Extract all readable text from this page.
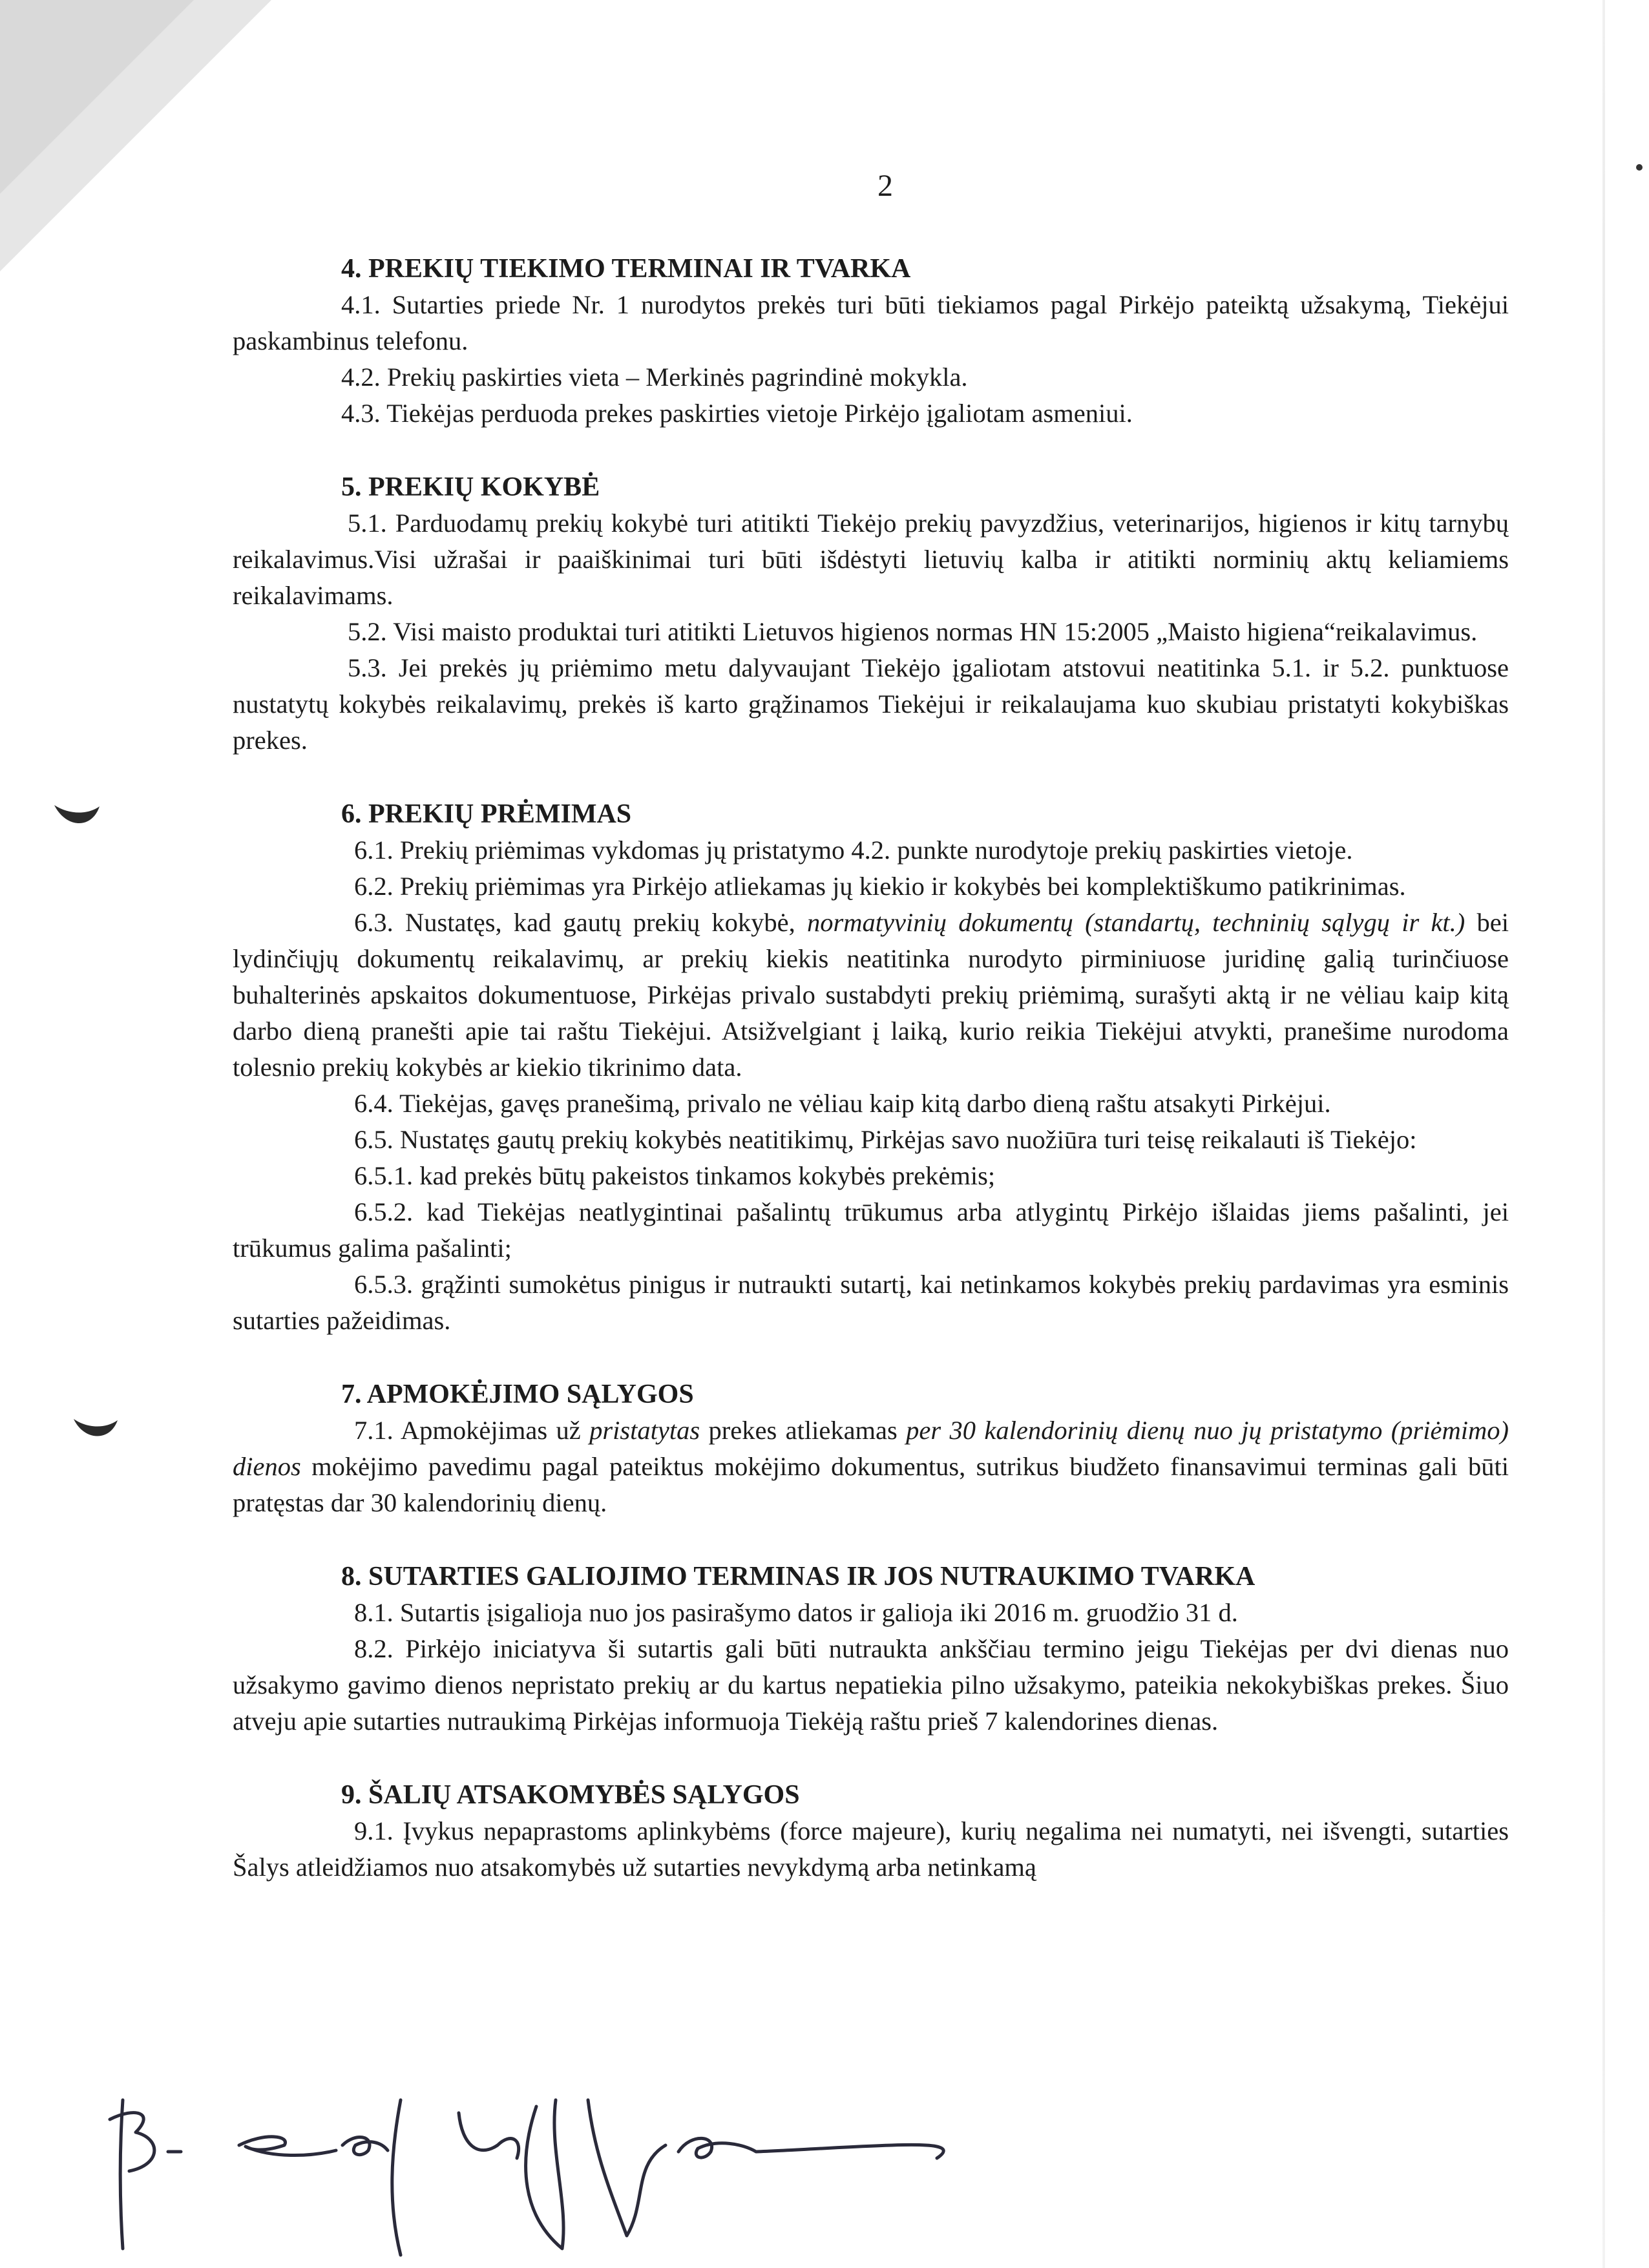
2
4. PREKIŲ TIEKIMO TERMINAI IR TVARKA
4.1. Sutarties priede Nr. 1 nurodytos prekės turi būti tiekiamos pagal Pirkėjo pateiktą užsakymą, Tiekėjui paskambinus telefonu.
4.2. Prekių paskirties vieta – Merkinės pagrindinė mokykla.
4.3. Tiekėjas perduoda prekes paskirties vietoje Pirkėjo įgaliotam asmeniui.
5. PREKIŲ KOKYBĖ
5.1. Parduodamų prekių kokybė turi atitikti Tiekėjo prekių pavyzdžius, veterinarijos, higienos ir kitų tarnybų reikalavimus.Visi užrašai ir paaiškinimai turi būti išdėstyti lietuvių kalba ir atitikti norminių aktų keliamiems reikalavimams.
5.2. Visi maisto produktai turi atitikti Lietuvos higienos normas HN 15:2005 „Maisto higiena“reikalavimus.
5.3. Jei prekės jų priėmimo metu dalyvaujant Tiekėjo įgaliotam atstovui neatitinka 5.1. ir 5.2. punktuose nustatytų kokybės reikalavimų, prekės iš karto grąžinamos Tiekėjui ir reikalaujama kuo skubiau pristatyti kokybiškas prekes.
6. PREKIŲ PRĖMIMAS
6.1. Prekių priėmimas vykdomas jų pristatymo 4.2. punkte nurodytoje prekių paskirties vietoje.
6.2. Prekių priėmimas yra Pirkėjo atliekamas jų kiekio ir kokybės bei komplektiškumo patikrinimas.
6.3. Nustatęs, kad gautų prekių kokybė, normatyvinių dokumentų (standartų, techninių sąlygų ir kt.) bei lydinčiųjų dokumentų reikalavimų, ar prekių kiekis neatitinka nurodyto pirminiuose juridinę galią turinčiuose buhalterinės apskaitos dokumentuose, Pirkėjas privalo sustabdyti prekių priėmimą, surašyti aktą ir ne vėliau kaip kitą darbo dieną pranešti apie tai raštu Tiekėjui. Atsižvelgiant į laiką, kurio reikia Tiekėjui atvykti, pranešime nurodoma tolesnio prekių kokybės ar kiekio tikrinimo data.
6.4. Tiekėjas, gavęs pranešimą, privalo ne vėliau kaip kitą darbo dieną raštu atsakyti Pirkėjui.
6.5. Nustatęs gautų prekių kokybės neatitikimų, Pirkėjas savo nuožiūra turi teisę reikalauti iš Tiekėjo:
6.5.1. kad prekės būtų pakeistos tinkamos kokybės prekėmis;
6.5.2. kad Tiekėjas neatlygintinai pašalintų trūkumus arba atlygintų Pirkėjo išlaidas jiems pašalinti, jei trūkumus galima pašalinti;
6.5.3. grąžinti sumokėtus pinigus ir nutraukti sutartį, kai netinkamos kokybės prekių pardavimas yra esminis sutarties pažeidimas.
7. APMOKĖJIMO SĄLYGOS
7.1. Apmokėjimas už pristatytas prekes atliekamas per 30 kalendorinių dienų nuo jų pristatymo (priėmimo) dienos mokėjimo pavedimu pagal pateiktus mokėjimo dokumentus, sutrikus biudžeto finansavimui terminas gali būti pratęstas dar 30 kalendorinių dienų.
8. SUTARTIES GALIOJIMO TERMINAS IR JOS NUTRAUKIMO TVARKA
8.1. Sutartis įsigalioja nuo jos pasirašymo datos ir galioja iki 2016 m. gruodžio 31 d.
8.2. Pirkėjo iniciatyva ši sutartis gali būti nutraukta ankščiau termino jeigu Tiekėjas per dvi dienas nuo užsakymo gavimo dienos nepristato prekių ar du kartus nepatiekia pilno užsakymo, pateikia nekokybiškas prekes. Šiuo atveju apie sutarties nutraukimą Pirkėjas informuoja Tiekėją raštu prieš 7 kalendorines dienas.
9. ŠALIŲ ATSAKOMYBĖS SĄLYGOS
9.1. Įvykus nepaprastoms aplinkybėms (force majeure), kurių negalima nei numatyti, nei išvengti, sutarties Šalys atleidžiamos nuo atsakomybės už sutarties nevykdymą arba netinkamą
